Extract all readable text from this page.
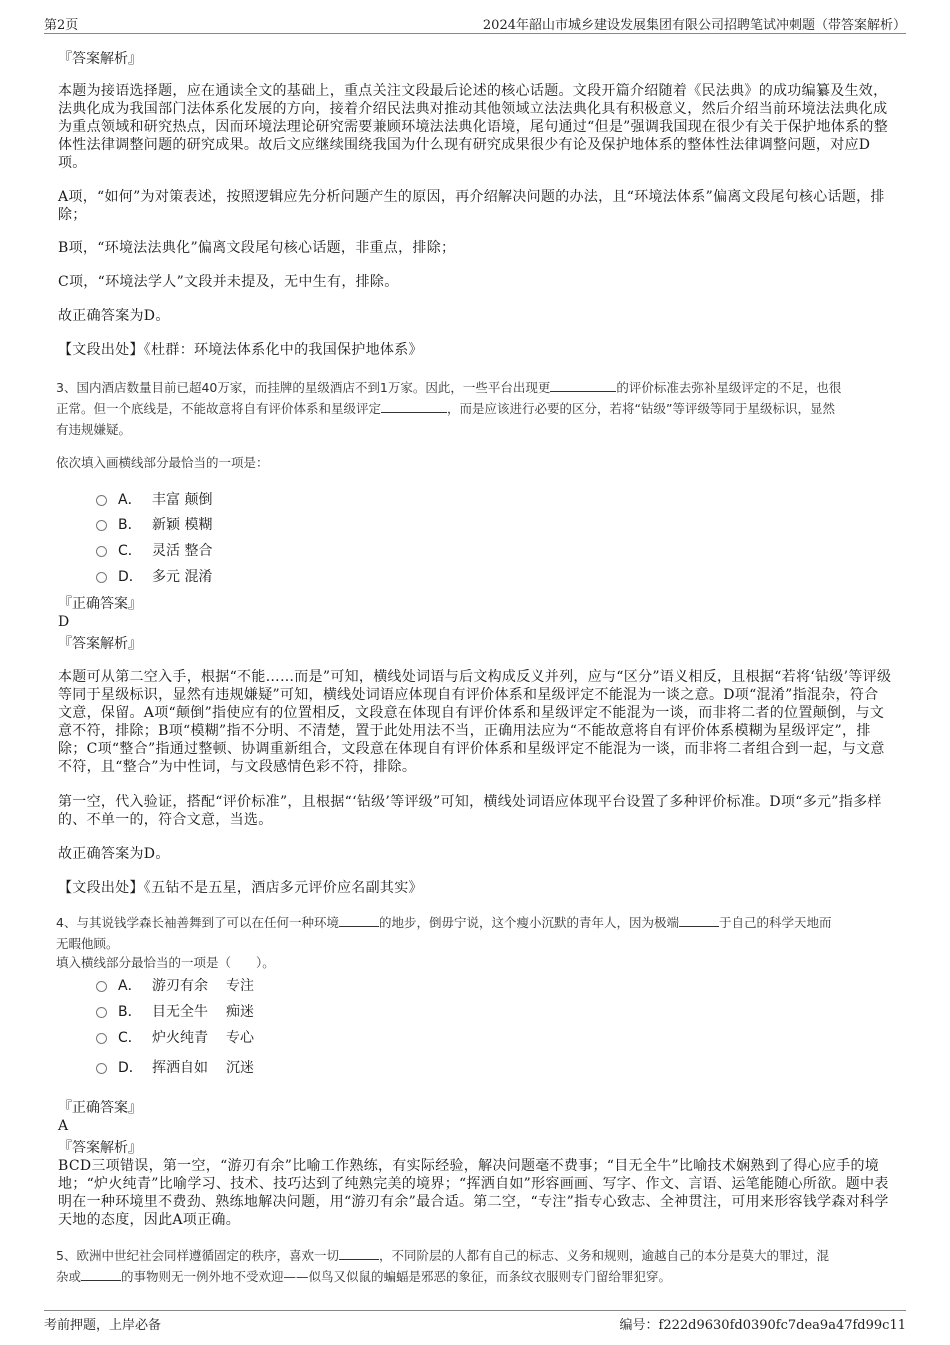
第2页	2024年韶山市城乡建设发展集团有限公司招聘笔试冲刺题（带答案解析）
『答案解析』
本题为接语选择题，应在通读全文的基础上，重点关注文段最后论述的核心话题。文段开篇介绍随着《民法典》的成功编纂及生效，法典化成为我国部门法体系化发展的方向，接着介绍民法典对推动其他领域立法法典化具有积极意义，然后介绍当前环境法法典化成为重点领域和研究热点，因而环境法理论研究需要兼顾环境法法典化语境，尾句通过“但是”强调我国现在很少有关于保护地体系的整体性法律调整问题的研究成果。故后文应继续围绕我国为什么现有研究成果很少有论及保护地体系的整体性法律调整问题，对应D项。
A项，“如何”为对策表述，按照逻辑应先分析问题产生的原因，再介绍解决问题的办法，且“环境法体系”偏离文段尾句核心话题，排除；
B项，“环境法法典化”偏离文段尾句核心话题，非重点，排除；
C项，“环境法学人”文段并未提及，无中生有，排除。
故正确答案为D。
【文段出处】《杜群：环境法体系化中的我国保护地体系》
3、国内酒店数量目前已超40万家，而挂牌的星级酒店不到1万家。因此，一些平台出现更	的评价标准去弥补星级评定的不足，也很
正常。但一个底线是，不能故意将自有评价体系和星级评定	，而是应该进行必要的区分，若将“钻级”等评级等同于星级标识，显然
有违规嫌疑。
依次填入画横线部分最恰当的一项是：
A． 丰富 颠倒
B． 新颖 模糊
C． 灵活 整合
D． 多元 混淆
『正确答案』
D
『答案解析』
本题可从第二空入手，根据“不能……而是”可知，横线处词语与后文构成反义并列，应与“区分”语义相反，且根据“若将‘钻级’等评级等同于星级标识，显然有违规嫌疑”可知，横线处词语应体现自有评价体系和星级评定不能混为一谈之意。D项“混淆”指混杂，符合文意，保留。A项“颠倒”指使应有的位置相反，文段意在体现自有评价体系和星级评定不能混为一谈，而非将二者的位置颠倒，与文意不符，排除；B项“模糊”指不分明、不清楚，置于此处用法不当，正确用法应为“不能故意将自有评价体系模糊为星级评定”，排除；C项“整合”指通过整顿、协调重新组合，文段意在体现自有评价体系和星级评定不能混为一谈，而非将二者组合到一起，与文意不符，且“整合”为中性词，与文段感情色彩不符，排除。
第一空，代入验证，搭配“评价标准”，且根据“‘钻级’等评级”可知，横线处词语应体现平台设置了多种评价标准。D项“多元”指多样的、不单一的，符合文意，当选。
故正确答案为D。
【文段出处】《五钻不是五星，酒店多元评价应名副其实》
4、与其说钱学森长袖善舞到了可以在任何一种环境	的地步，倒毋宁说，这个瘦小沉默的青年人，因为极端	于自己的科学天地而
无暇他顾。
填入横线部分最恰当的一项是（　　）。
A． 游刃有余 专注
B． 目无全牛 痴迷
C． 炉火纯青 专心
D． 挥洒自如 沉迷
『正确答案』
A
『答案解析』
BCD三项错误，第一空，“游刃有余”比喻工作熟练，有实际经验，解决问题毫不费事；“目无全牛”比喻技术娴熟到了得心应手的境地；“炉火纯青”比喻学习、技术、技巧达到了纯熟完美的境界；“挥洒自如”形容画画、写字、作文、言语、运笔能随心所欲。题中表明在一种环境里不费劲、熟练地解决问题，用“游刃有余”最合适。第二空，“专注”指专心致志、全神贯注，可用来形容钱学森对科学天地的态度，因此A项正确。
5、欧洲中世纪社会同样遵循固定的秩序，喜欢一切	，不同阶层的人都有自己的标志、义务和规则，逾越自己的本分是莫大的罪过，混
杂或	的事物则无一例外地不受欢迎——似鸟又似鼠的蝙蝠是邪恶的象征，而条纹衣服则专门留给罪犯穿。
考前押题，上岸必备	编号：f222d9630fd0390fc7dea9a47fd99c11
